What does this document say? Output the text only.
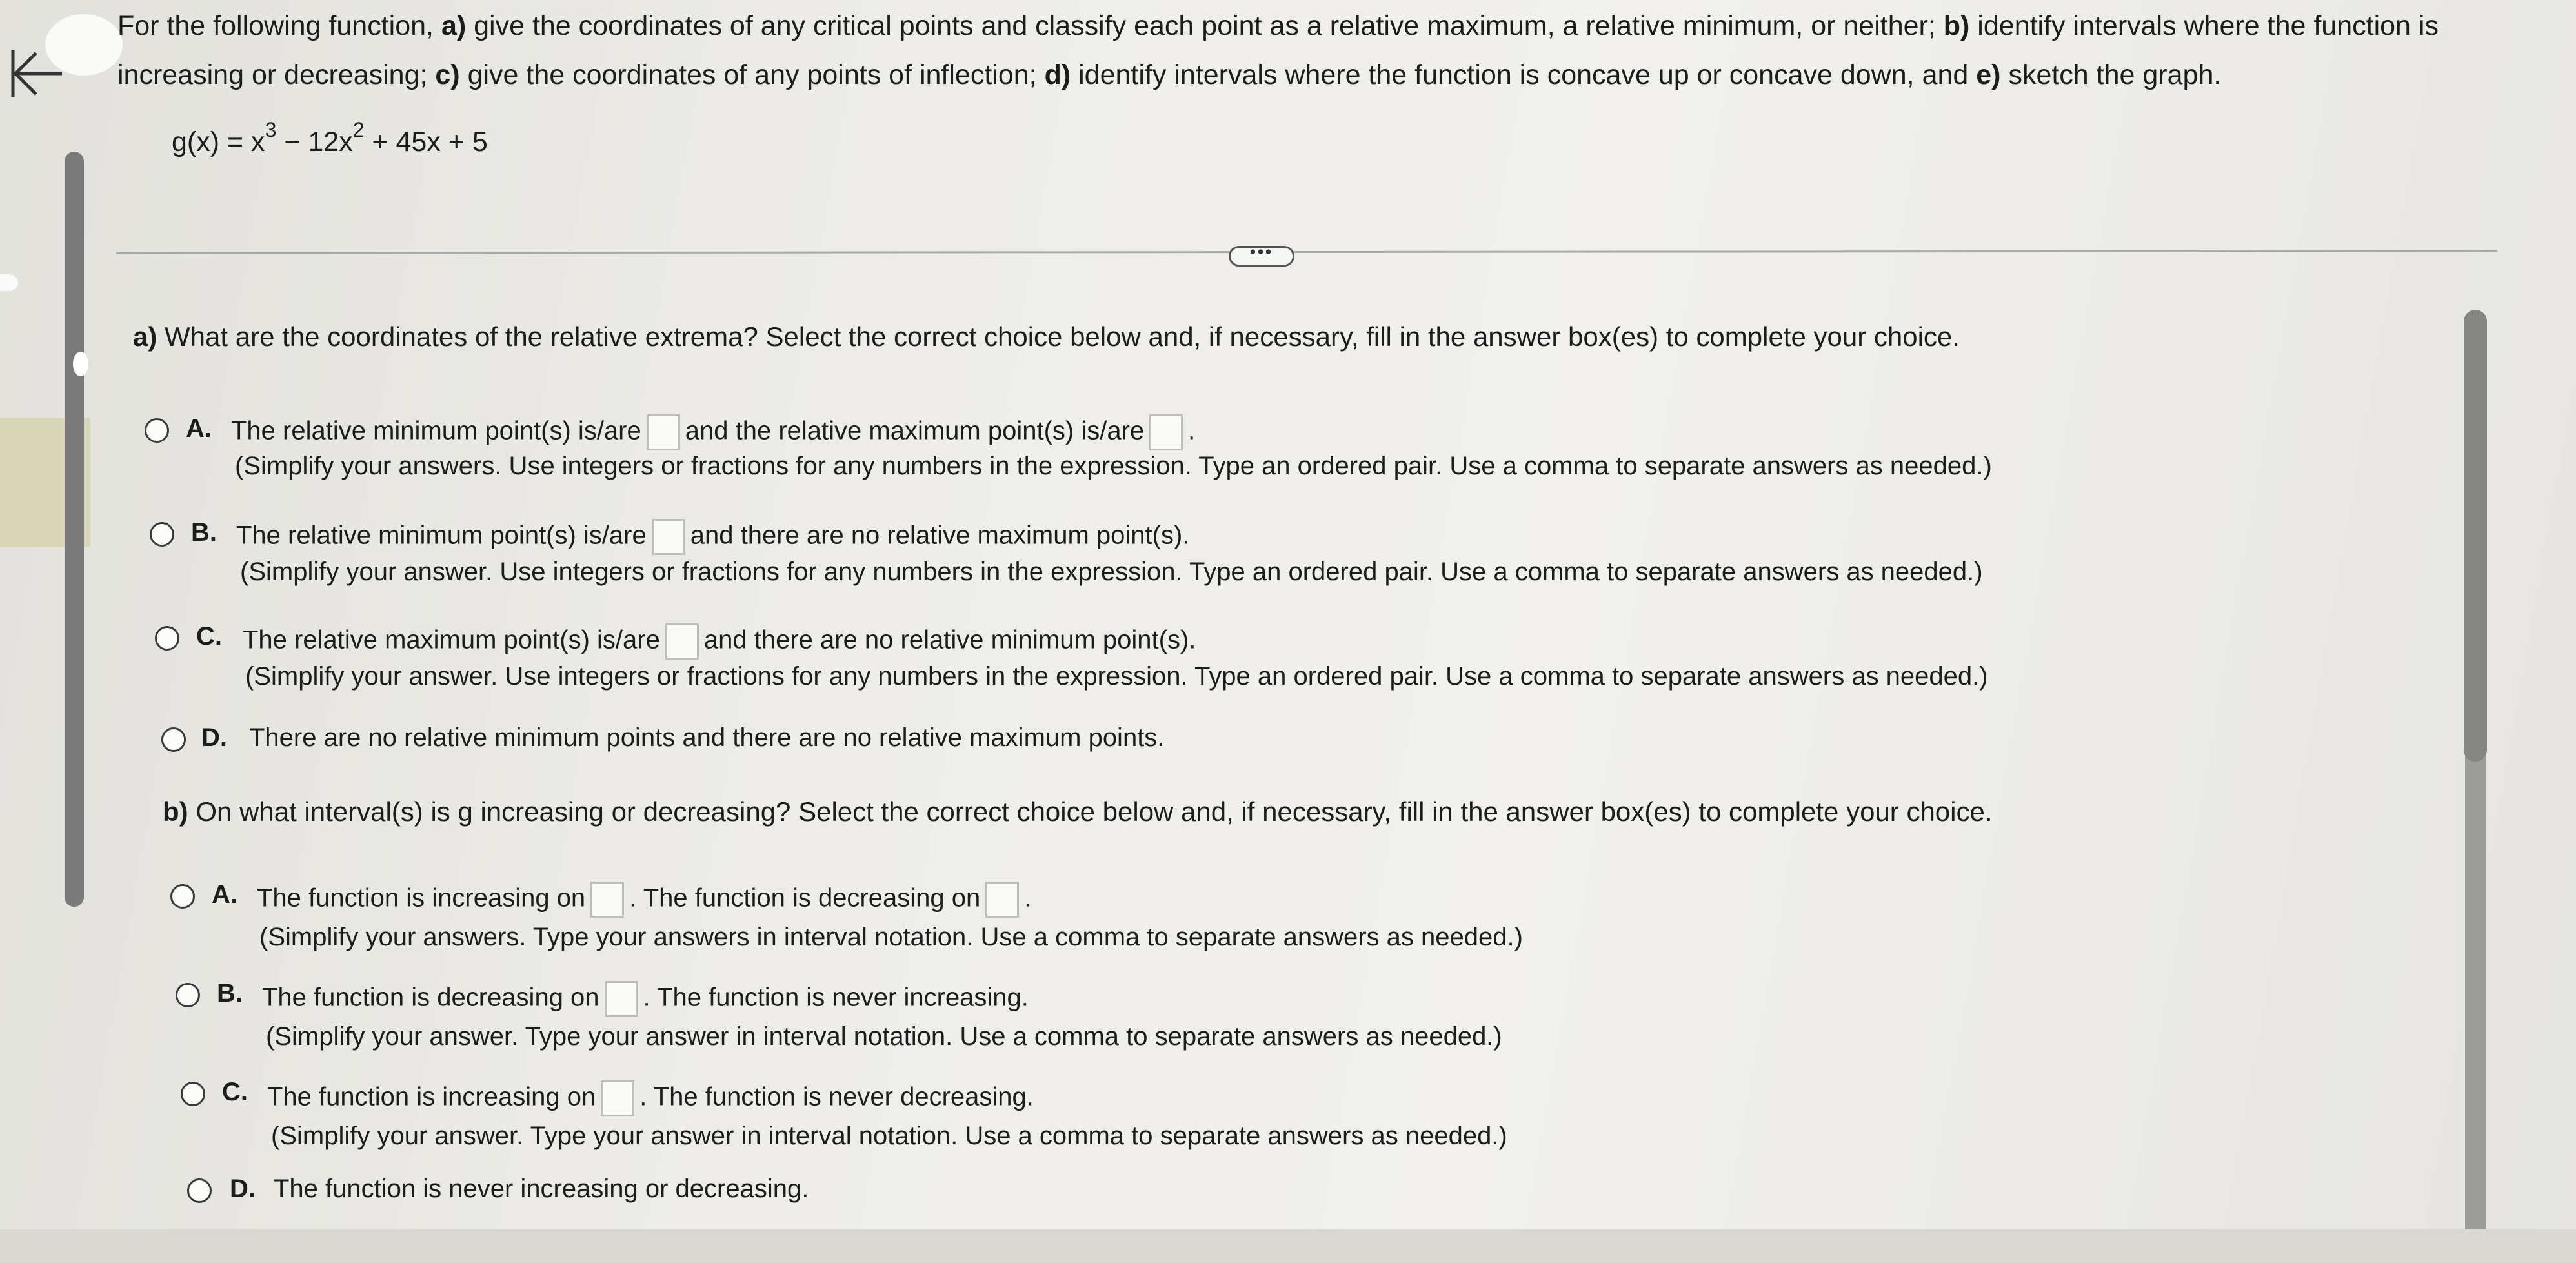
For the following function, a) give the coordinates of any critical points and classify each point as a relative maximum, a relative minimum, or neither; b) identify intervals where the function is increasing or decreasing; c) give the coordinates of any points of inflection; d) identify intervals where the function is concave up or concave down, and e) sketch the graph.
$g(x) = x^3 - 12x^2 + 45x + 5$
•••
a) What are the coordinates of the relative extrema? Select the correct choice below and, if necessary, fill in the answer box(es) to complete your choice.
A. The relative minimum point(s) is/are and the relative maximum point(s) is/are .
(Simplify your answers. Use integers or fractions for any numbers in the expression. Type an ordered pair. Use a comma to separate answers as needed.)
B. The relative minimum point(s) is/are and there are no relative maximum point(s).
(Simplify your answer. Use integers or fractions for any numbers in the expression. Type an ordered pair. Use a comma to separate answers as needed.)
C. The relative maximum point(s) is/are and there are no relative minimum point(s).
(Simplify your answer. Use integers or fractions for any numbers in the expression. Type an ordered pair. Use a comma to separate answers as needed.)
D. There are no relative minimum points and there are no relative maximum points.
b) On what interval(s) is g increasing or decreasing? Select the correct choice below and, if necessary, fill in the answer box(es) to complete your choice.
A. The function is increasing on . The function is decreasing on .
(Simplify your answers. Type your answers in interval notation. Use a comma to separate answers as needed.)
B. The function is decreasing on . The function is never increasing.
(Simplify your answer. Type your answer in interval notation. Use a comma to separate answers as needed.)
C. The function is increasing on . The function is never decreasing.
(Simplify your answer. Type your answer in interval notation. Use a comma to separate answers as needed.)
D. The function is never increasing or decreasing.
